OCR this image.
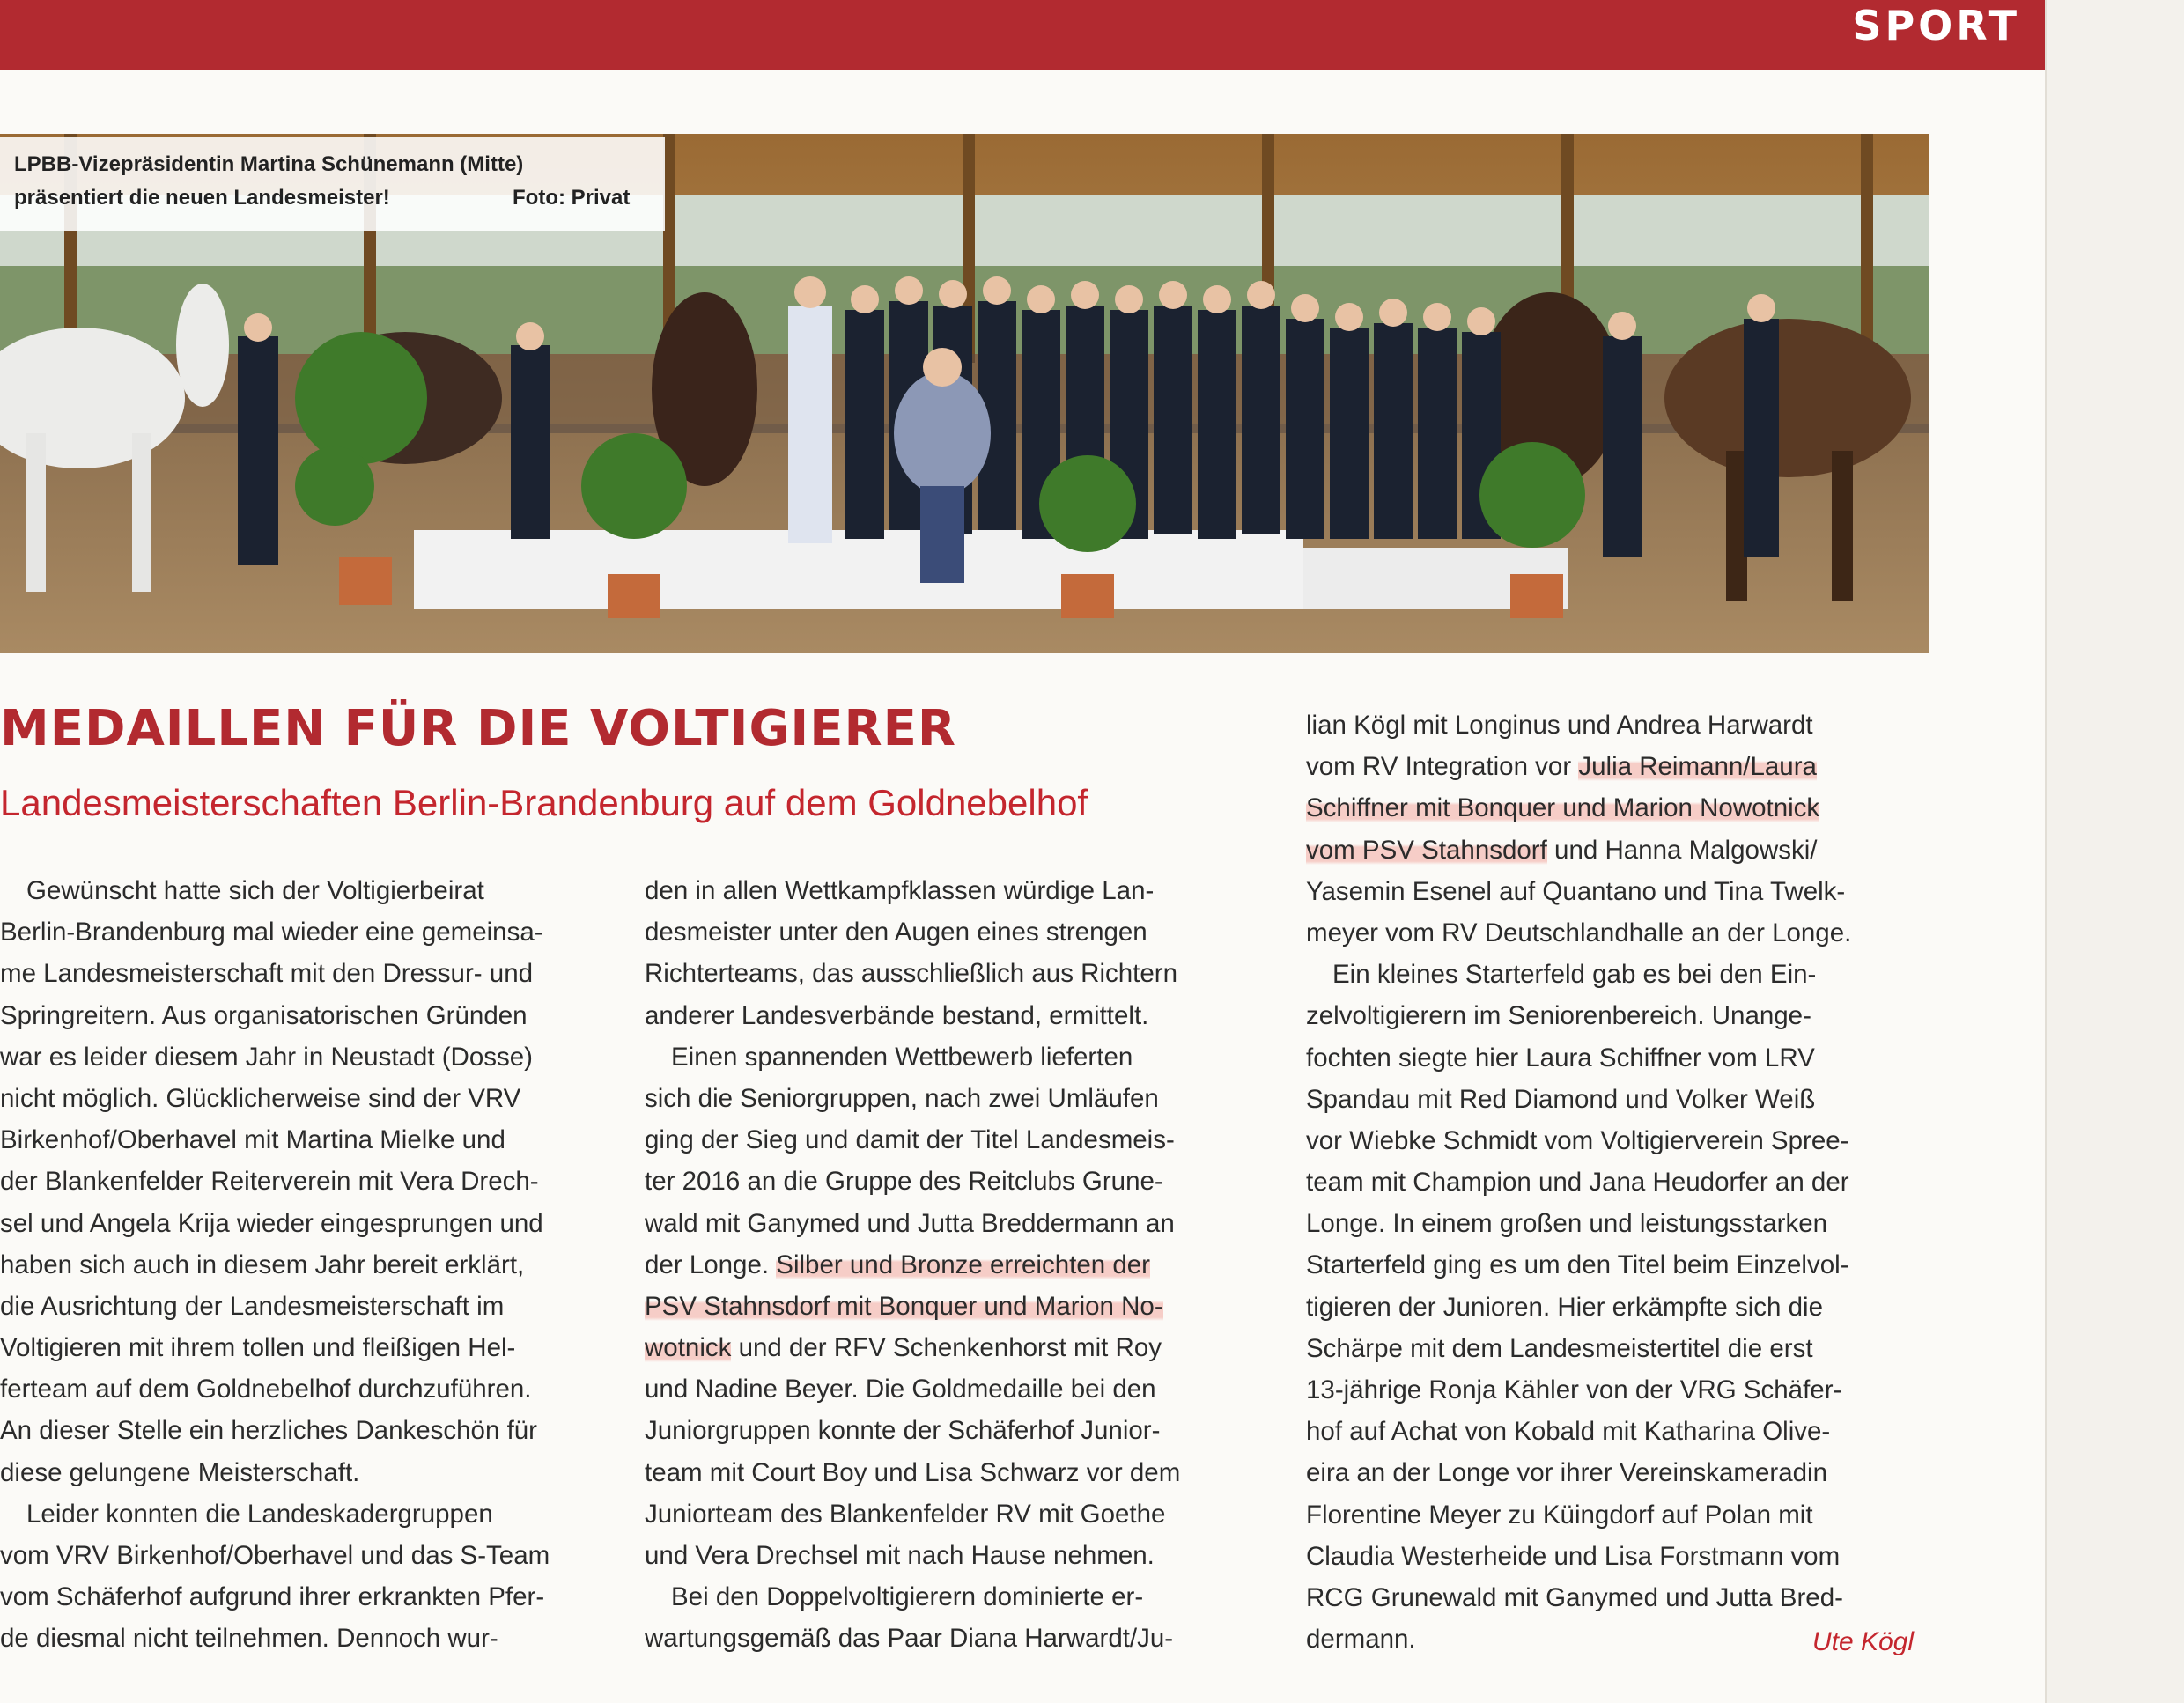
SPORT
LPBB-Vizepräsidentin Martina Schünemann (Mitte)
präsentiert die neuen Landesmeister!	Foto: Privat
MEDAILLEN FÜR DIE VOLTIGIERER
Landesmeisterschaften Berlin-Brandenburg auf dem Goldnebelhof
Gewünscht hatte sich der Voltigierbeirat
Berlin-Brandenburg mal wieder eine gemeinsa-
me Landesmeisterschaft mit den Dressur- und
Springreitern. Aus organisatorischen Gründen
war es leider diesem Jahr in Neustadt (Dosse)
nicht möglich. Glücklicherweise sind der VRV
Birkenhof/Oberhavel mit Martina Mielke und
der Blankenfelder Reiterverein mit Vera Drech-
sel und Angela Krija wieder eingesprungen und
haben sich auch in diesem Jahr bereit erklärt,
die Ausrichtung der Landesmeisterschaft im
Voltigieren mit ihrem tollen und fleißigen Hel-
ferteam auf dem Goldnebelhof durchzuführen.
An dieser Stelle ein herzliches Dankeschön für
diese gelungene Meisterschaft.
Leider konnten die Landeskadergruppen
vom VRV Birkenhof/Oberhavel und das S-Team
vom Schäferhof aufgrund ihrer erkrankten Pfer-
de diesmal nicht teilnehmen. Dennoch wur-
den in allen Wettkampfklassen würdige Lan-
desmeister unter den Augen eines strengen
Richterteams, das ausschließlich aus Richtern
anderer Landesverbände bestand, ermittelt.
Einen spannenden Wettbewerb lieferten
sich die Seniorgruppen, nach zwei Umläufen
ging der Sieg und damit der Titel Landesmeis-
ter 2016 an die Gruppe des Reitclubs Grune-
wald mit Ganymed und Jutta Breddermann an
der Longe. Silber und Bronze erreichten der
PSV Stahnsdorf mit Bonquer und Marion No-
wotnick und der RFV Schenkenhorst mit Roy
und Nadine Beyer. Die Goldmedaille bei den
Juniorgruppen konnte der Schäferhof Junior-
team mit Court Boy und Lisa Schwarz vor dem
Juniorteam des Blankenfelder RV mit Goethe
und Vera Drechsel mit nach Hause nehmen.
Bei den Doppelvoltigierern dominierte er-
wartungsgemäß das Paar Diana Harwardt/Ju-
lian Kögl mit Longinus und Andrea Harwardt
vom RV Integration vor Julia Reimann/Laura
Schiffner mit Bonquer und Marion Nowotnick
vom PSV Stahnsdorf und Hanna Malgowski/
Yasemin Esenel auf Quantano und Tina Twelk-
meyer vom RV Deutschlandhalle an der Longe.
Ein kleines Starterfeld gab es bei den Ein-
zelvoltigierern im Seniorenbereich. Unange-
fochten siegte hier Laura Schiffner vom LRV
Spandau mit Red Diamond und Volker Weiß
vor Wiebke Schmidt vom Voltigierverein Spree-
team mit Champion und Jana Heudorfer an der
Longe. In einem großen und leistungsstarken
Starterfeld ging es um den Titel beim Einzelvol-
tigieren der Junioren. Hier erkämpfte sich die
Schärpe mit dem Landesmeistertitel die erst
13-jährige Ronja Kähler von der VRG Schäfer-
hof auf Achat von Kobald mit Katharina Olive-
eira an der Longe vor ihrer Vereinskameradin
Florentine Meyer zu Küingdorf auf Polan mit
Claudia Westerheide und Lisa Forstmann vom
RCG Grunewald mit Ganymed und Jutta Bred-
dermann.	Ute Kögl
